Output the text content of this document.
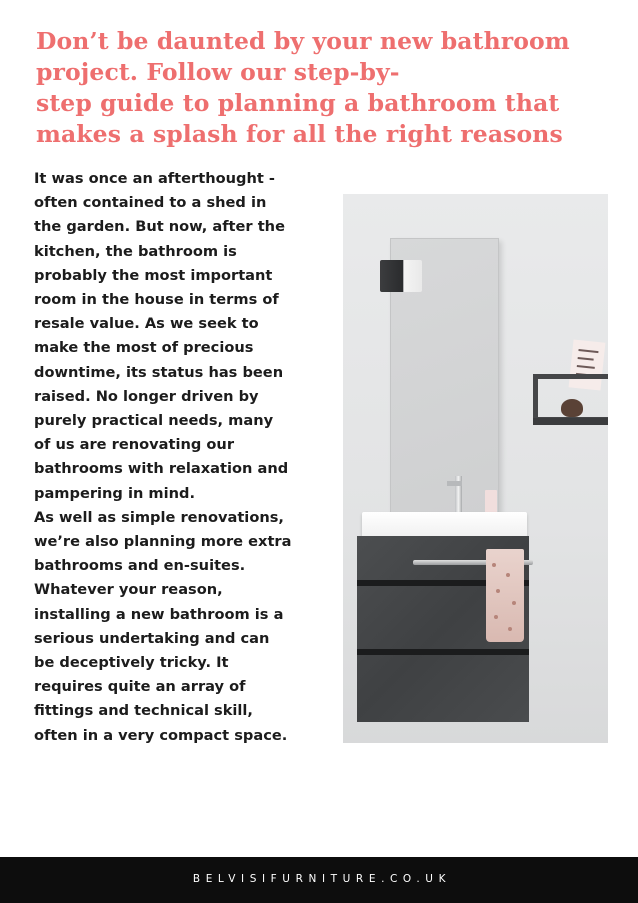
Don’t be daunted by your new bathroom
project. Follow our step-by-
step guide to planning a bathroom that
makes a splash for all the right reasons

It was once an afterthought -
often contained to a shed in
the garden. But now, after the
kitchen, the bathroom is
probably the most important
room in the house in terms of
resale value. As we seek to
make the most of precious
downtime, its status has been
raised. No longer driven by
purely practical needs, many
of us are renovating our
bathrooms with relaxation and
pampering in mind.
As well as simple renovations,
we’re also planning more extra
bathrooms and en-suites.
Whatever your reason,
installing a new bathroom is a
serious undertaking and can
be deceptively tricky. It
requires quite an array of
fittings and technical skill,
often in a very compact space.

BELVISIFURNITURE.CO.UK
